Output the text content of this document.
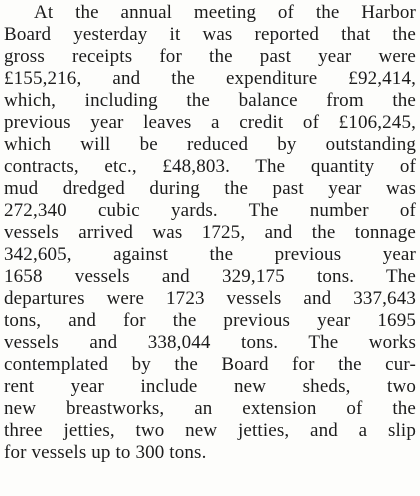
At the annual meeting of the Harbor
Board yesterday it was reported that the
gross receipts for the past year were
£155,216, and the expenditure £92,414,
which, including the balance from the
previous year leaves a credit of £106,245,
which will be reduced by outstanding
contracts, etc., £48,803. The quantity of
mud dredged during the past year was
272,340 cubic yards. The number of
vessels arrived was 1725, and the tonnage
342,605, against the previous year
1658 vessels and 329,175 tons. The
departures were 1723 vessels and 337,643
tons, and for the previous year 1695
vessels and 338,044 tons. The works
contemplated by the Board for the cur-
rent year include new sheds, two
new breastworks, an extension of the
three jetties, two new jetties, and a slip
for vessels up to 300 tons.
